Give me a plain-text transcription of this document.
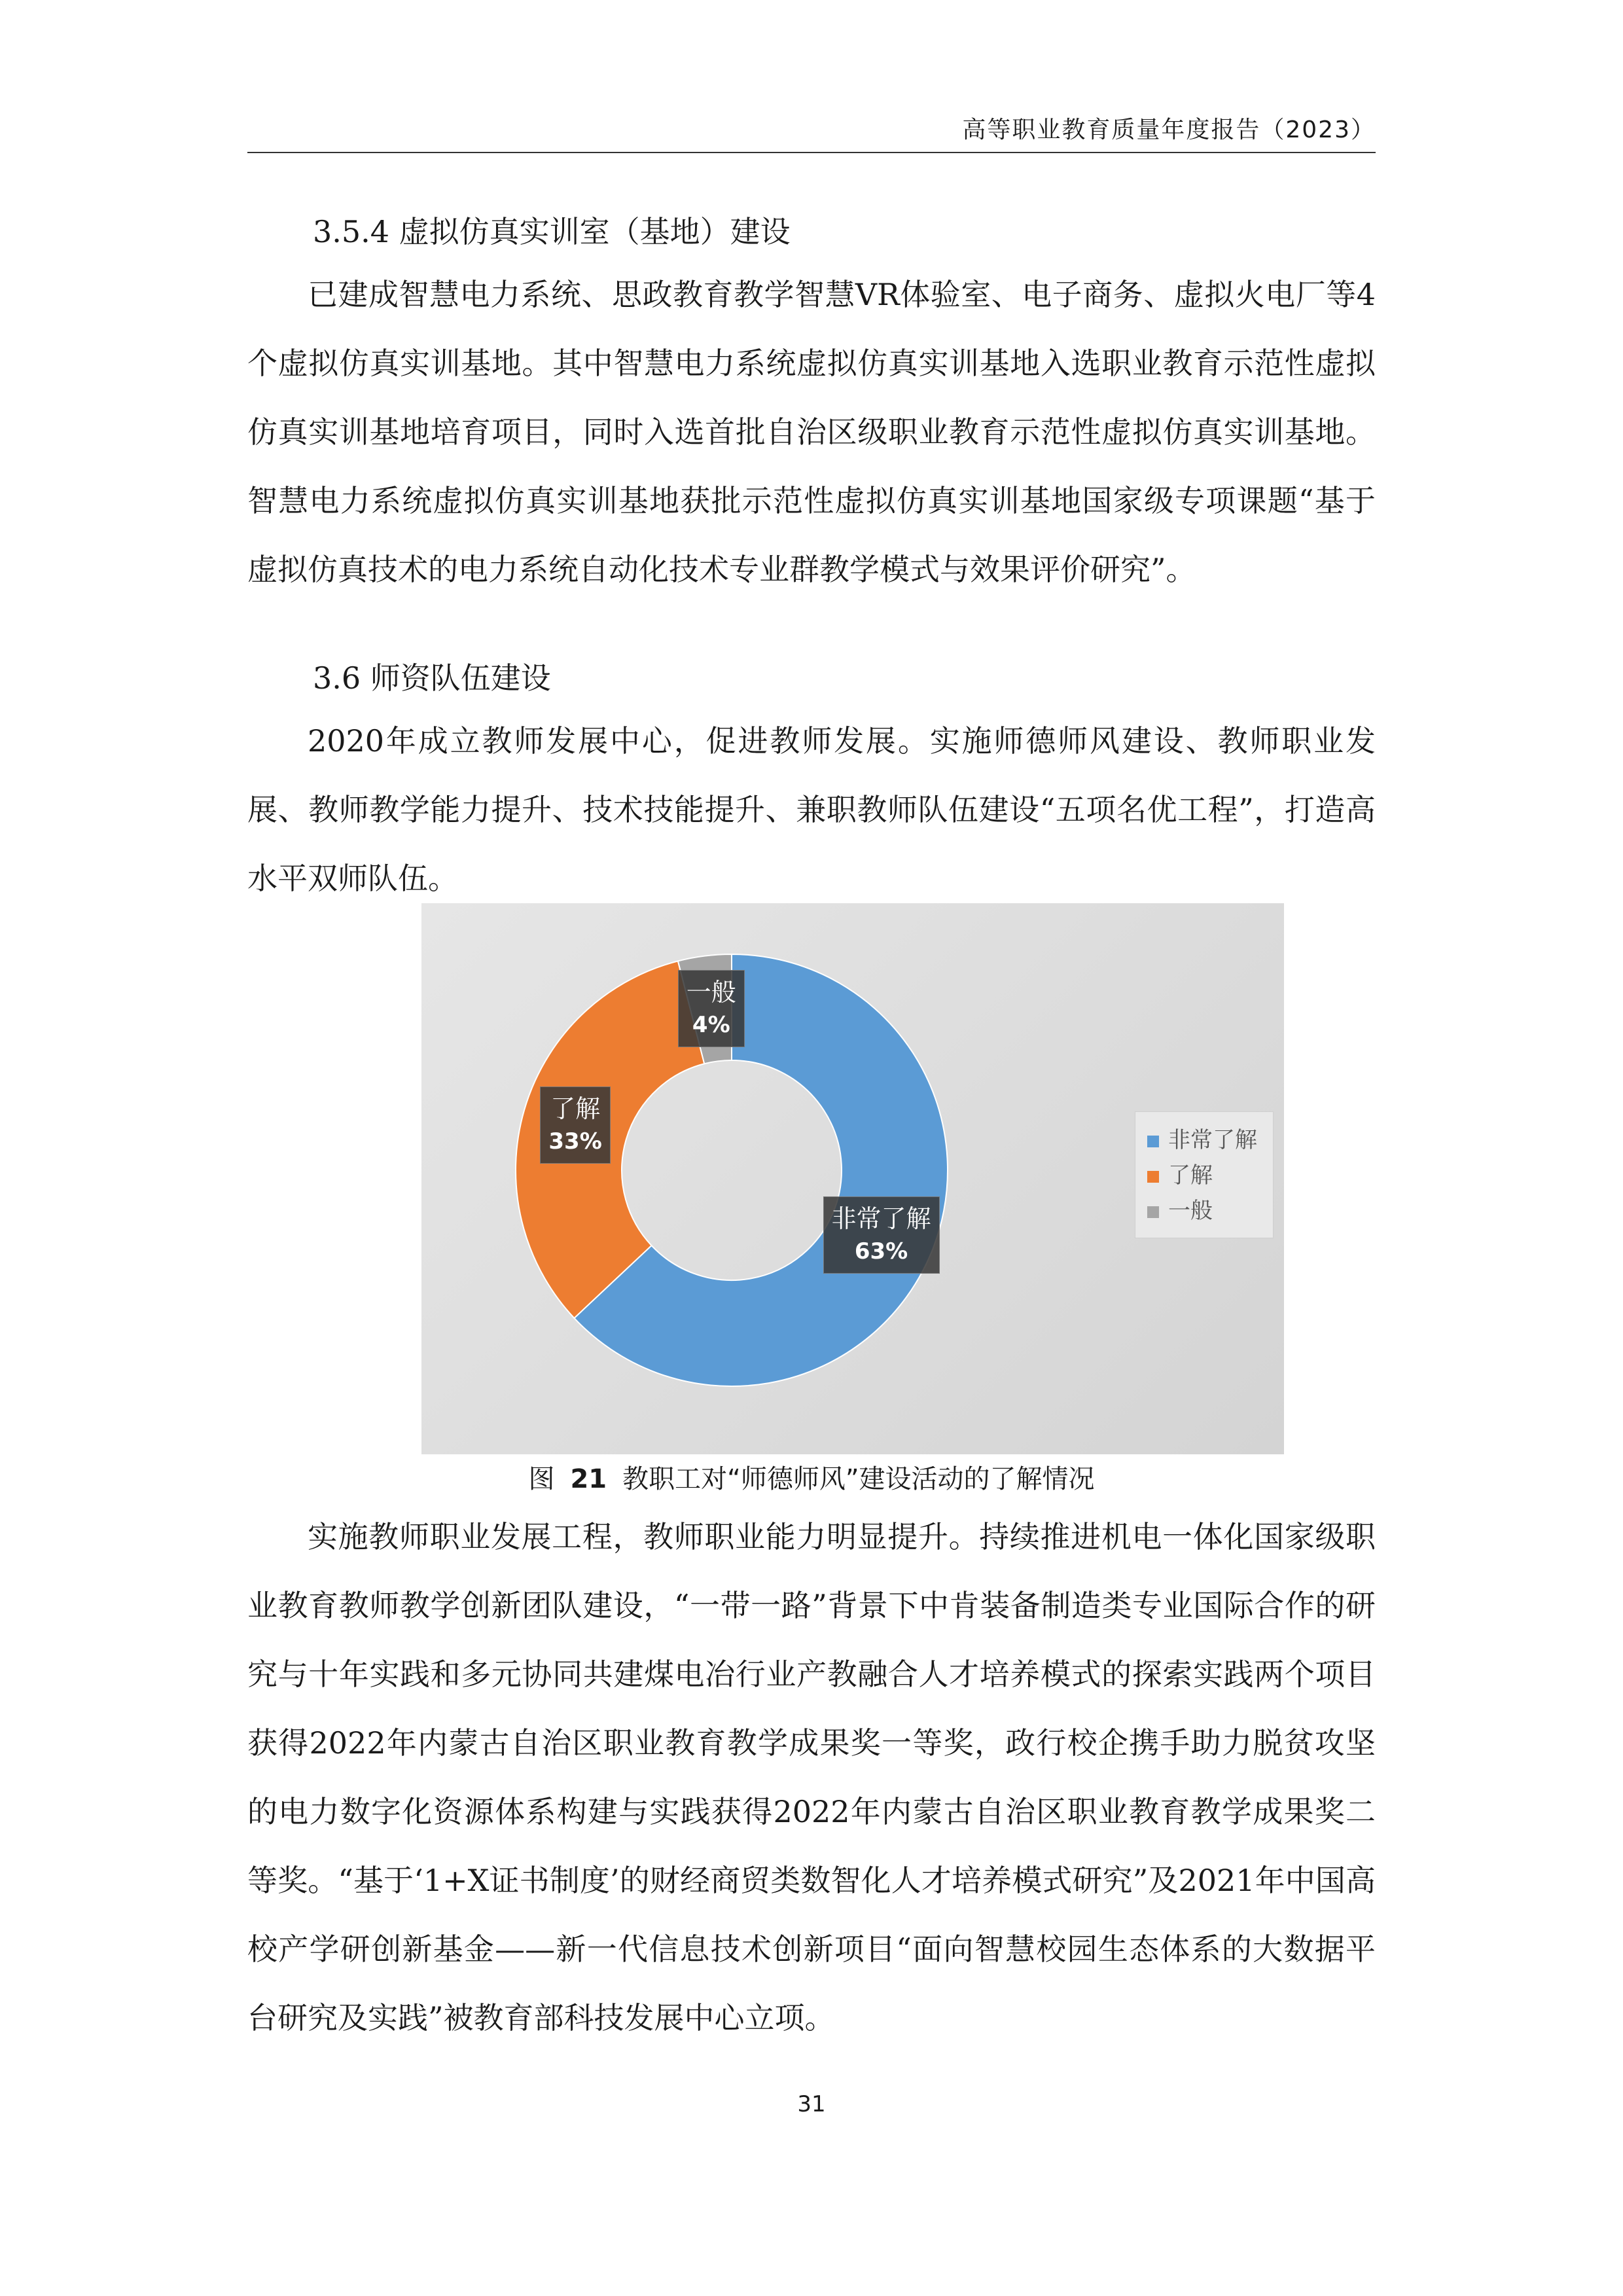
高等职业教育质量年度报告（2023）
3.5.4 虚拟仿真实训室（基地）建设

已建成智慧电力系统、思政教育教学智慧VR体验室、电子商务、虚拟火电厂等4个虚拟仿真实训基地。其中智慧电力系统虚拟仿真实训基地入选职业教育示范性虚拟仿真实训基地培育项目，同时入选首批自治区级职业教育示范性虚拟仿真实训基地。智慧电力系统虚拟仿真实训基地获批示范性虚拟仿真实训基地国家级专项课题“基于虚拟仿真技术的电力系统自动化技术专业群教学模式与效果评价研究”。

3.6 师资队伍建设

2020年成立教师发展中心，促进教师发展。实施师德师风建设、教师职业发展、教师教学能力提升、技术技能提升、兼职教师队伍建设“五项名优工程”，打造高水平双师队伍。

非常了解
63%
了解
33%
一般
4%
非常了解
了解
一般
图 21 教职工对“师德师风”建设活动的了解情况

实施教师职业发展工程，教师职业能力明显提升。持续推进机电一体化国家级职业教育教师教学创新团队建设，“一带一路”背景下中肯装备制造类专业国际合作的研究与十年实践和多元协同共建煤电冶行业产教融合人才培养模式的探索实践两个项目获得2022年内蒙古自治区职业教育教学成果奖一等奖，政行校企携手助力脱贫攻坚的电力数字化资源体系构建与实践获得2022年内蒙古自治区职业教育教学成果奖二等奖。“基于‘1+X证书制度’的财经商贸类数智化人才培养模式研究”及2021年中国高校产学研创新基金——新一代信息技术创新项目“面向智慧校园生态体系的大数据平台研究及实践”被教育部科技发展中心立项。

31
